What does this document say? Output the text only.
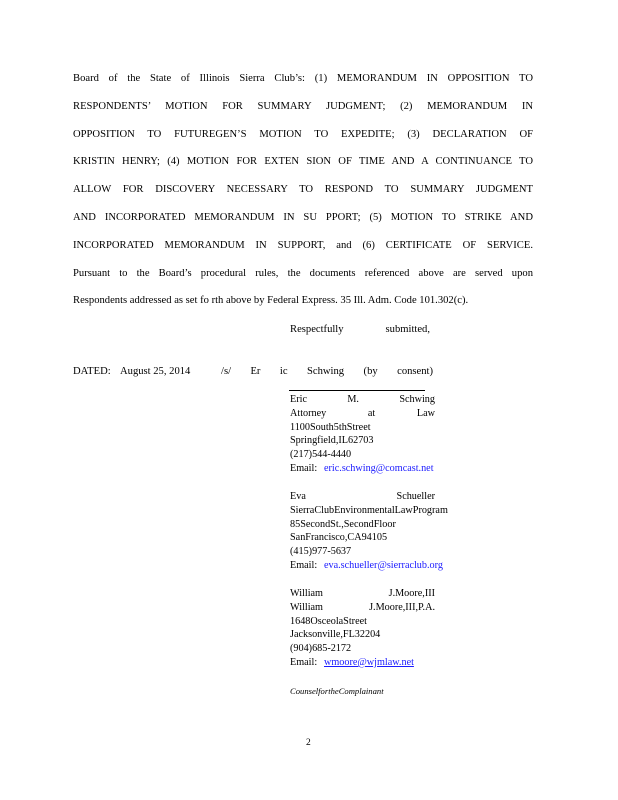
Board of the State of Illinois Sierra Club’s: (1) MEMORANDUM IN OPPOSITION TO
RESPONDENTS’ MOTION FOR SUMMARY JUDGMENT; (2) MEMORANDUM IN
OPPOSITION TO FUTUREGEN’S MOTION TO EXPEDITE; (3) DECLARATION OF
KRISTIN HENRY; (4) MOTION FOR EXTEN SION OF TIME AND A CONTINUANCE TO
ALLOW FOR DISCOVERY NECESSARY TO RESPOND TO SUMMARY JUDGMENT
AND INCORPORATED MEMORANDUM IN SU PPORT; (5) MOTION TO STRIKE AND
INCORPORATED MEMORANDUM IN SUPPORT, and (6) CERTIFICATE OF SERVICE.
Pursuant to the Board’s procedural rules, the documents referenced above are served upon
Respondents addressed as set fo rth above by Federal Express. 35 Ill. Adm. Code 101.302(c).
Respectfully submitted,
DATED: August 25, 2014	/s/ Er ic Schwing (by consent)
Eric M. Schwing
Attorney at Law
1100South5thStreet
Springfield,IL62703
(217)544-4440
Email: eric.schwing@comcast.net
Eva Schueller
SierraClubEnvironmentalLawProgram
85SecondSt.,SecondFloor
SanFrancisco,CA94105
(415)977-5637
Email: eva.schueller@sierraclub.org
William J.Moore,III
William J.Moore,III,P.A.
1648OsceolaStreet
Jacksonville,FL32204
(904)685-2172
Email: wmoore@wjmlaw.net
CounselfortheComplainant
2
